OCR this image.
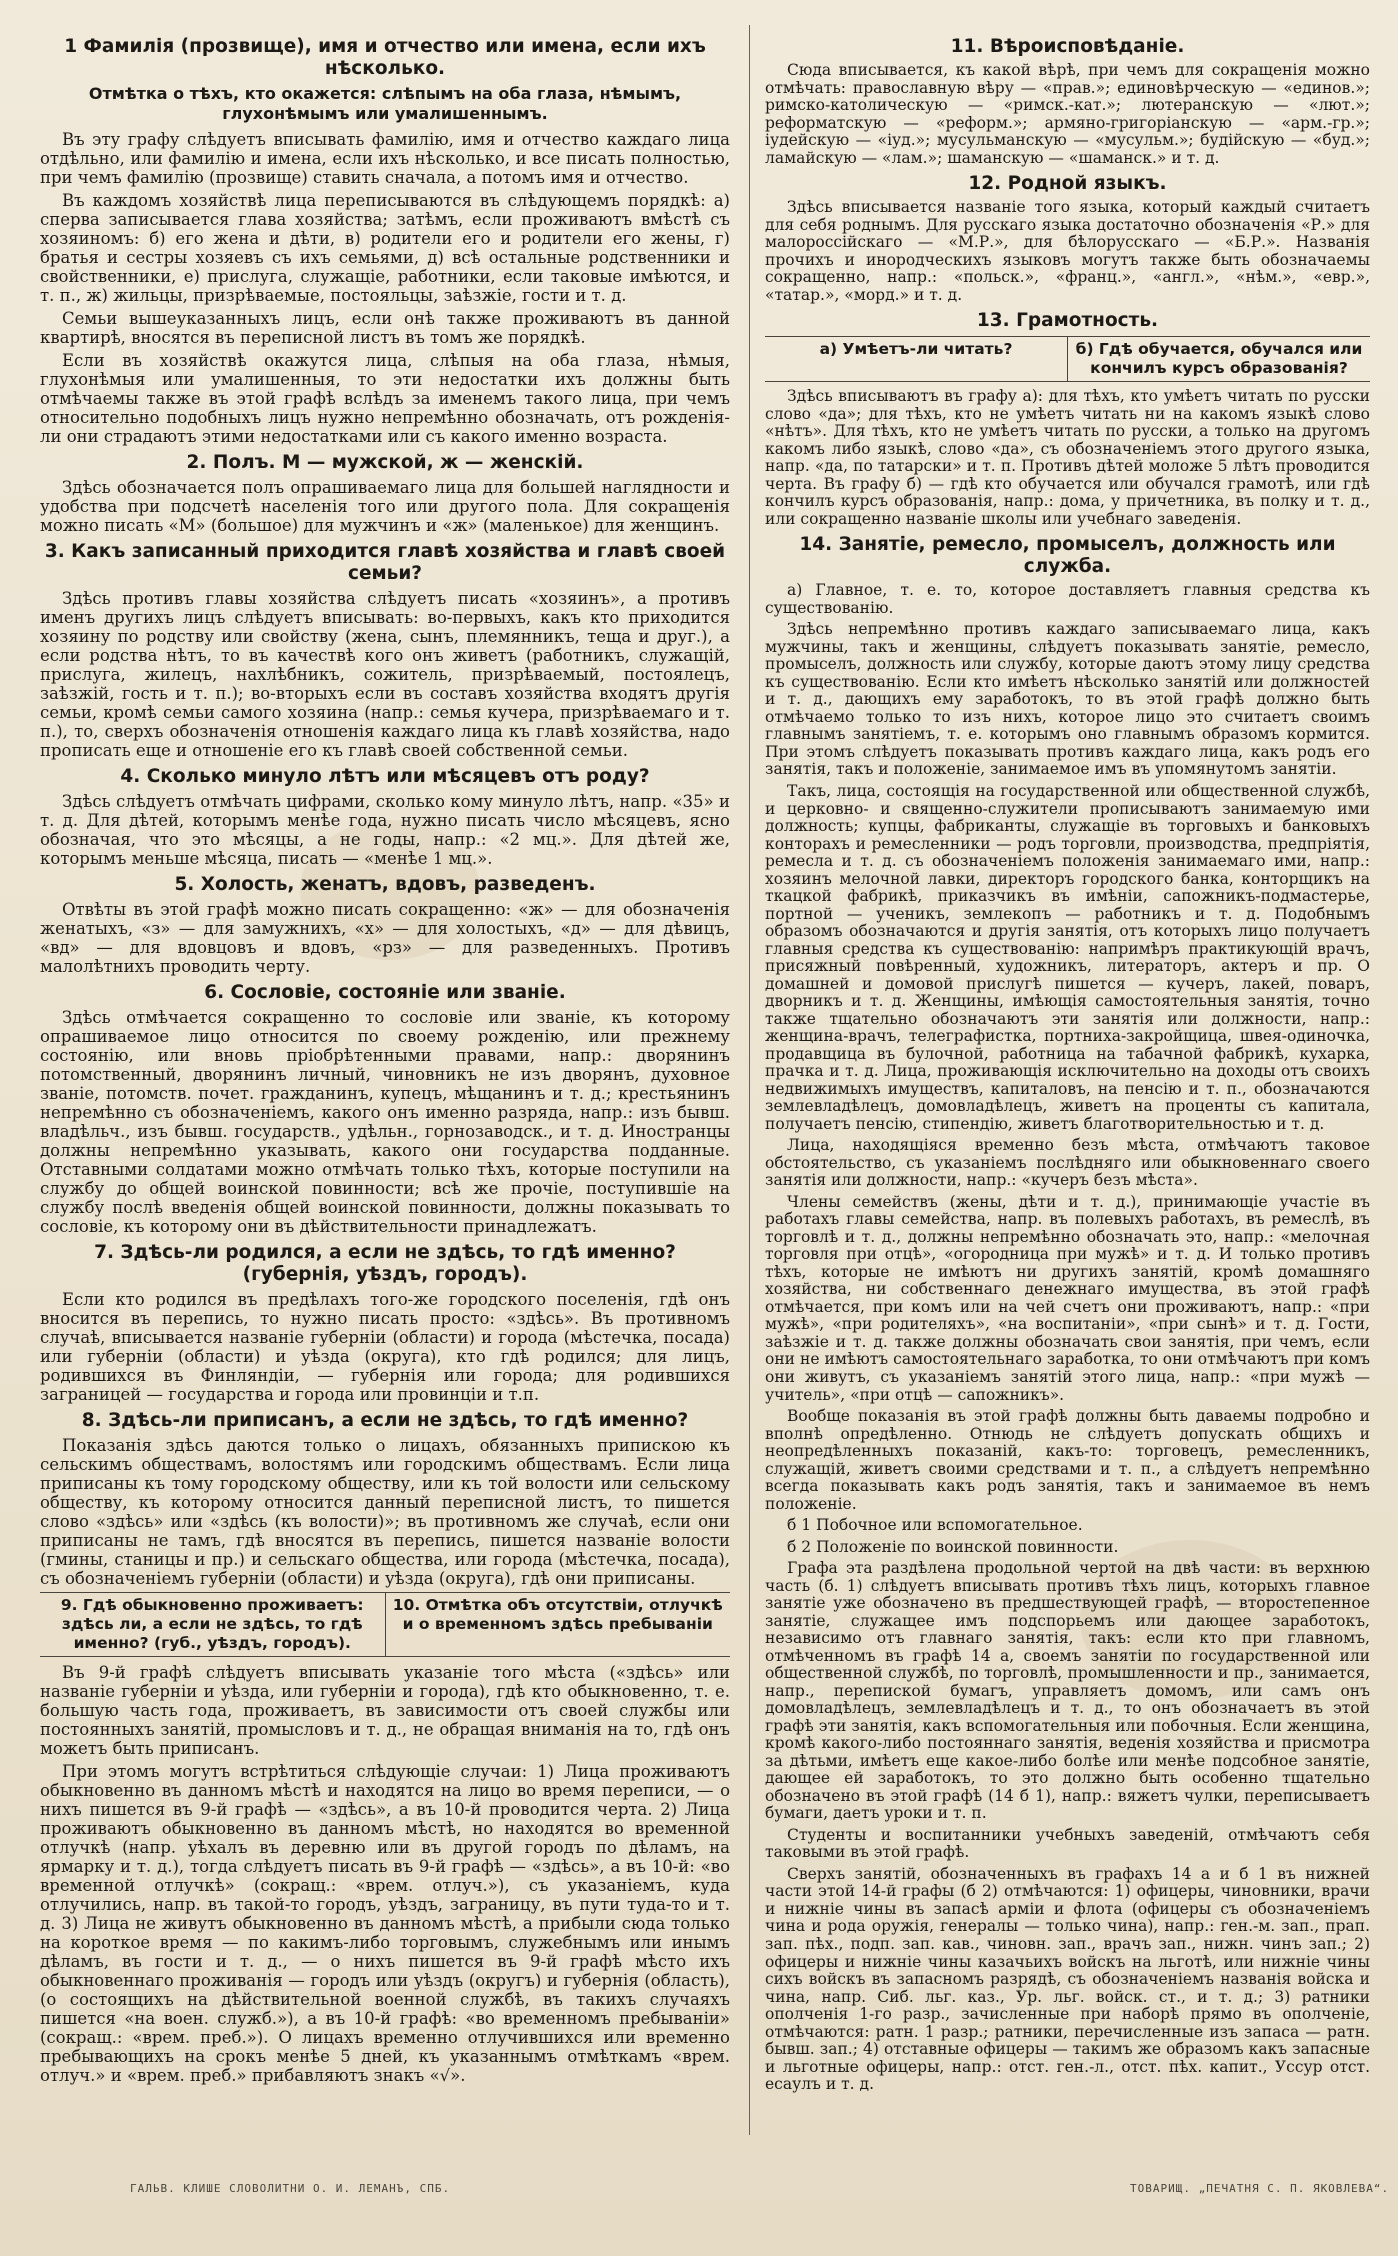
1 Фамилія (прозвище), имя и отчество или имена, если ихъ нѣсколько.
Отмѣтка о тѣхъ, кто окажется: слѣпымъ на оба глаза, нѣмымъ, глухонѣмымъ или умалишеннымъ.

Въ эту графу слѣдуетъ вписывать фамилію, имя и отчество каждаго лица отдѣльно, или фамилію и имена, если ихъ нѣсколько, и все писать полностью, при чемъ фамилію (прозвище) ставить сначала, а потомъ имя и отчество.

Въ каждомъ хозяйствѣ лица переписываются въ слѣдующемъ порядкѣ: а) сперва записывается глава хозяйства; затѣмъ, если проживаютъ вмѣстѣ съ хозяиномъ: б) его жена и дѣти, в) родители его и родители его жены, г) братья и сестры хозяевъ съ ихъ семьями, д) всѣ остальные родственники и свойственники, е) прислуга, служащіе, работники, если таковые имѣются, и т. п., ж) жильцы, призрѣваемые, постояльцы, заѣзжіе, гости и т. д.

Семьи вышеуказанныхъ лицъ, если онѣ также проживаютъ въ данной квартирѣ, вносятся въ переписной листъ въ томъ же порядкѣ.

Если въ хозяйствѣ окажутся лица, слѣпыя на оба глаза, нѣмыя, глухонѣмыя или умалишенныя, то эти недостатки ихъ должны быть отмѣчаемы также въ этой графѣ вслѣдъ за именемъ такого лица, при чемъ относительно подобныхъ лицъ нужно непремѣнно обозначать, отъ рожденія-ли они страдаютъ этими недостатками или съ какого именно возраста.

2. Полъ. М — мужской, ж — женскій.

Здѣсь обозначается полъ опрашиваемаго лица для большей наглядности и удобства при подсчетѣ населенія того или другого пола. Для сокращенія можно писать «М» (большое) для мужчинъ и «ж» (маленькое) для женщинъ.

3. Какъ записанный приходится главѣ хозяйства и главѣ своей семьи?

Здѣсь противъ главы хозяйства слѣдуетъ писать «хозяинъ», а противъ именъ другихъ лицъ слѣдуетъ вписывать: во-первыхъ, какъ кто приходится хозяину по родству или свойству (жена, сынъ, племянникъ, теща и друг.), а если родства нѣтъ, то въ качествѣ кого онъ живетъ (работникъ, служащій, прислуга, жилецъ, нахлѣбникъ, сожитель, призрѣваемый, постоялецъ, заѣзжій, гость и т. п.); во-вторыхъ если въ составъ хозяйства входятъ другія семьи, кромѣ семьи самого хозяина (напр.: семья кучера, призрѣваемаго и т. п.), то, сверхъ обозначенія отношенія каждаго лица къ главѣ хозяйства, надо прописать еще и отношеніе его къ главѣ своей собственной семьи.

4. Сколько минуло лѣтъ или мѣсяцевъ отъ роду?

Здѣсь слѣдуетъ отмѣчать цифрами, сколько кому минуло лѣтъ, напр. «35» и т. д. Для дѣтей, которымъ менѣе года, нужно писать число мѣсяцевъ, ясно обозначая, что это мѣсяцы, а не годы, напр.: «2 мц.». Для дѣтей же, которымъ меньше мѣсяца, писать — «менѣе 1 мц.».

5. Холость, женатъ, вдовъ, разведенъ.

Отвѣты въ этой графѣ можно писать сокращенно: «ж» — для обозначенія женатыхъ, «з» — для замужнихъ, «х» — для холостыхъ, «д» — для дѣвицъ, «вд» — для вдовцовъ и вдовъ, «рз» — для разведенныхъ. Противъ малолѣтнихъ проводить черту.

6. Сословіе, состояніе или званіе.

Здѣсь отмѣчается сокращенно то сословіе или званіе, къ которому опрашиваемое лицо относится по своему рожденію, или прежнему состоянію, или вновь пріобрѣтенными правами, напр.: дворянинъ потомственный, дворянинъ личный, чиновникъ не изъ дворянъ, духовное званіе, потомств. почет. гражданинъ, купецъ, мѣщанинъ и т. д.; крестьянинъ непремѣнно съ обозначеніемъ, какого онъ именно разряда, напр.: изъ бывш. владѣльч., изъ бывш. государств., удѣльн., горнозаводск., и т. д. Иностранцы должны непремѣнно указывать, какого они государства подданные. Отставными солдатами можно отмѣчать только тѣхъ, которые поступили на службу до общей воинской повинности; всѣ же прочіе, поступившіе на службу послѣ введенія общей воинской повинности, должны показывать то сословіе, къ которому они въ дѣйствительности принадлежатъ.

7. Здѣсь-ли родился, а если не здѣсь, то гдѣ именно? (губернія, уѣздъ, городъ).

Если кто родился въ предѣлахъ того-же городского поселенія, гдѣ онъ вносится въ перепись, то нужно писать просто: «здѣсь». Въ противномъ случаѣ, вписывается названіе губерніи (области) и города (мѣстечка, посада) или губерніи (области) и уѣзда (округа), кто гдѣ родился; для лицъ, родившихся въ Финляндіи, — губернія или города; для родившихся заграницей — государства и города или провинціи и т.п.

8. Здѣсь-ли приписанъ, а если не здѣсь, то гдѣ именно?

Показанія здѣсь даются только о лицахъ, обязанныхъ припискою къ сельскимъ обществамъ, волостямъ или городскимъ обществамъ. Если лица приписаны къ тому городскому обществу, или къ той волости или сельскому обществу, къ которому относится данный переписной листъ, то пишется слово «здѣсь» или «здѣсь (къ волости)»; въ противномъ же случаѣ, если они приписаны не тамъ, гдѣ вносятся въ перепись, пишется названіе волости (гмины, станицы и пр.) и сельскаго общества, или города (мѣстечка, посада), съ обозначеніемъ губерніи (области) и уѣзда (округа), гдѣ они приписаны.

9. Гдѣ обыкновенно проживаетъ: здѣсь ли, а если не здѣсь, то гдѣ именно? (губ., уѣздъ, городъ).
10. Отмѣтка объ отсутствіи, отлучкѣ и о временномъ здѣсь пребываніи

Въ 9-й графѣ слѣдуетъ вписывать указаніе того мѣста («здѣсь» или названіе губерніи и уѣзда, или губерніи и города), гдѣ кто обыкновенно, т. е. большую часть года, проживаетъ, въ зависимости отъ своей службы или постоянныхъ занятій, промысловъ и т. д., не обращая вниманія на то, гдѣ онъ можетъ быть приписанъ.

При этомъ могутъ встрѣтиться слѣдующіе случаи: 1) Лица проживаютъ обыкновенно въ данномъ мѣстѣ и находятся на лицо во время переписи, — о нихъ пишется въ 9-й графѣ — «здѣсь», а въ 10-й проводится черта. 2) Лица проживаютъ обыкновенно въ данномъ мѣстѣ, но находятся во временной отлучкѣ (напр. уѣхалъ въ деревню или въ другой городъ по дѣламъ, на ярмарку и т. д.), тогда слѣдуетъ писать въ 9-й графѣ — «здѣсь», а въ 10-й: «во временной отлучкѣ» (сокращ.: «врем. отлуч.»), съ указаніемъ, куда отлучились, напр. въ такой-то городъ, уѣздъ, заграницу, въ пути туда-то и т. д. 3) Лица не живутъ обыкновенно въ данномъ мѣстѣ, а прибыли сюда только на короткое время — по какимъ-либо торговымъ, служебнымъ или инымъ дѣламъ, въ гости и т. д., — о нихъ пишется въ 9-й графѣ мѣсто ихъ обыкновеннаго проживанія — городъ или уѣздъ (округъ) и губернія (область), (о состоящихъ на дѣйствительной военной службѣ, въ такихъ случаяхъ пишется «на воен. служб.»), а въ 10-й графѣ: «во временномъ пребываніи» (сокращ.: «врем. преб.»). О лицахъ временно отлучившихся или временно пребывающихъ на срокъ менѣе 5 дней, къ указаннымъ отмѣткамъ «врем. отлуч.» и «врем. преб.» прибавляютъ знакъ «√».

11. Вѣроисповѣданіе.

Сюда вписывается, къ какой вѣрѣ, при чемъ для сокращенія можно отмѣчать: православную вѣру — «прав.»; единовѣрческую — «единов.»; римско-католическую — «римск.-кат.»; лютеранскую — «лют.»; реформатскую — «реформ.»; армяно-григоріанскую — «арм.-гр.»; іудейскую — «іуд.»; мусульманскую — «мусульм.»; будійскую — «буд.»; ламайскую — «лам.»; шаманскую — «шаманск.» и т. д.

12. Родной языкъ.

Здѣсь вписывается названіе того языка, который каждый считаетъ для себя роднымъ. Для русскаго языка достаточно обозначенія «Р.» для малороссійскаго — «М.Р.», для бѣлорусскаго — «Б.Р.». Названія прочихъ и инородческихъ языковъ могутъ также быть обозначаемы сокращенно, напр.: «польск.», «франц.», «англ.», «нѣм.», «евр.», «татар.», «морд.» и т. д.

13. Грамотность.
а) Умѣетъ-ли читать?	б) Гдѣ обучается, обучался или кончилъ курсъ образованія?

Здѣсь вписываютъ въ графу а): для тѣхъ, кто умѣетъ читать по русски слово «да»; для тѣхъ, кто не умѣетъ читать ни на какомъ языкѣ слово «нѣтъ». Для тѣхъ, кто не умѣетъ читать по русски, а только на другомъ какомъ либо языкѣ, слово «да», съ обозначеніемъ этого другого языка, напр. «да, по татарски» и т. п. Противъ дѣтей моложе 5 лѣтъ проводится черта. Въ графу б) — гдѣ кто обучается или обучался грамотѣ, или гдѣ кончилъ курсъ образованія, напр.: дома, у причетника, въ полку и т. д., или сокращенно названіе школы или учебнаго заведенія.

14. Занятіе, ремесло, промыселъ, должность или служба.

а) Главное, т. е. то, которое доставляетъ главныя средства къ существованію.

Здѣсь непремѣнно противъ каждаго записываемаго лица, какъ мужчины, такъ и женщины, слѣдуетъ показывать занятіе, ремесло, промыселъ, должность или службу, которые даютъ этому лицу средства къ существованію. Если кто имѣетъ нѣсколько занятій или должностей и т. д., дающихъ ему заработокъ, то въ этой графѣ должно быть отмѣчаемо только то изъ нихъ, которое лицо это считаетъ своимъ главнымъ занятіемъ, т. е. которымъ оно главнымъ образомъ кормится. При этомъ слѣдуетъ показывать противъ каждаго лица, какъ родъ его занятія, такъ и положеніе, занимаемое имъ въ упомянутомъ занятіи.

Такъ, лица, состоящія на государственной или общественной службѣ, и церковно- и священно-служители прописываютъ занимаемую ими должность; купцы, фабриканты, служащіе въ торговыхъ и банковыхъ конторахъ и ремесленники — родъ торговли, производства, предпріятія, ремесла и т. д. съ обозначеніемъ положенія занимаемаго ими, напр.: хозяинъ мелочной лавки, директоръ городского банка, конторщикъ на ткацкой фабрикѣ, приказчикъ въ имѣніи, сапожникъ-подмастерье, портной — ученикъ, землекопъ — работникъ и т. д. Подобнымъ образомъ обозначаются и другія занятія, отъ которыхъ лицо получаетъ главныя средства къ существованію: напримѣръ практикующій врачъ, присяжный повѣренный, художникъ, литераторъ, актеръ и пр. О домашней и домовой прислугѣ пишется — кучеръ, лакей, поваръ, дворникъ и т. д. Женщины, имѣющія самостоятельныя занятія, точно также тщательно обозначаютъ эти занятія или должности, напр.: женщина-врачъ, телеграфистка, портниха-закройщица, швея-одиночка, продавщица въ булочной, работница на табачной фабрикѣ, кухарка, прачка и т. д. Лица, проживающія исключительно на доходы отъ своихъ недвижимыхъ имуществъ, капиталовъ, на пенсію и т. п., обозначаются землевладѣлецъ, домовладѣлецъ, живетъ на проценты съ капитала, получаетъ пенсію, стипендію, живетъ благотворительностью и т. д.

Лица, находящіяся временно безъ мѣста, отмѣчаютъ таковое обстоятельство, съ указаніемъ послѣдняго или обыкновеннаго своего занятія или должности, напр.: «кучеръ безъ мѣста».

Члены семействъ (жены, дѣти и т. д.), принимающіе участіе въ работахъ главы семейства, напр. въ полевыхъ работахъ, въ ремеслѣ, въ торговлѣ и т. д., должны непремѣнно обозначать это, напр.: «мелочная торговля при отцѣ», «огородница при мужѣ» и т. д. И только противъ тѣхъ, которые не имѣютъ ни другихъ занятій, кромѣ домашняго хозяйства, ни собственнаго денежнаго имущества, въ этой графѣ отмѣчается, при комъ или на чей счетъ они проживаютъ, напр.: «при мужѣ», «при родителяхъ», «на воспитаніи», «при сынѣ» и т. д. Гости, заѣзжіе и т. д. также должны обозначать свои занятія, при чемъ, если они не имѣютъ самостоятельнаго заработка, то они отмѣчаютъ при комъ они живутъ, съ указаніемъ занятій этого лица, напр.: «при мужѣ — учитель», «при отцѣ — сапожникъ».

Вообще показанія въ этой графѣ должны быть даваемы подробно и вполнѣ опредѣленно. Отнюдь не слѣдуетъ допускать общихъ и неопредѣленныхъ показаній, какъ-то: торговецъ, ремесленникъ, служащій, живетъ своими средствами и т. п., а слѣдуетъ непремѣнно всегда показывать какъ родъ занятія, такъ и занимаемое въ немъ положеніе.

б 1 Побочное или вспомогательное.

б 2 Положеніе по воинской повинности.

Графа эта раздѣлена продольной чертой на двѣ части: въ верхнюю часть (б. 1) слѣдуетъ вписывать противъ тѣхъ лицъ, которыхъ главное занятіе уже обозначено въ предшествующей графѣ, — второстепенное занятіе, служащее имъ подспорьемъ или дающее заработокъ, независимо отъ главнаго занятія, такъ: если кто при главномъ, отмѣченномъ въ графѣ 14 а, своемъ занятіи по государственной или общественной службѣ, по торговлѣ, промышленности и пр., занимается, напр., перепиской бумагъ, управляетъ домомъ, или самъ онъ домовладѣлецъ, землевладѣлецъ и т. д., то онъ обозначаетъ въ этой графѣ эти занятія, какъ вспомогательныя или побочныя. Если женщина, кромѣ какого-либо постояннаго занятія, веденія хозяйства и присмотра за дѣтьми, имѣетъ еще какое-либо болѣе или менѣе подсобное занятіе, дающее ей заработокъ, то это должно быть особенно тщательно обозначено въ этой графѣ (14 б 1), напр.: вяжетъ чулки, переписываетъ бумаги, даетъ уроки и т. п.

Студенты и воспитанники учебныхъ заведеній, отмѣчаютъ себя таковыми въ этой графѣ.

Сверхъ занятій, обозначенныхъ въ графахъ 14 а и б 1 въ нижней части этой 14-й графы (б 2) отмѣчаются: 1) офицеры, чиновники, врачи и нижніе чины въ запасѣ арміи и флота (офицеры съ обозначеніемъ чина и рода оружія, генералы — только чина), напр.: ген.-м. зап., прап. зап. пѣх., подп. зап. кав., чиновн. зап., врачъ зап., нижн. чинъ зап.; 2) офицеры и нижніе чины казачьихъ войскъ на льготѣ, или нижніе чины сихъ войскъ въ запасномъ разрядѣ, съ обозначеніемъ названія войска и чина, напр. Сиб. льг. каз., Ур. льг. войск. ст., и т. д.; 3) ратники ополченія 1-го разр., зачисленные при наборѣ прямо въ ополченіе, отмѣчаются: ратн. 1 разр.; ратники, перечисленные изъ запаса — ратн. бывш. зап.; 4) отставные офицеры — такимъ же образомъ какъ запасные и льготные офицеры, напр.: отст. ген.-л., отст. пѣх. капит., Уссур отст. есаулъ и т. д.

ГАЛЬВ. КЛИШЕ СЛОВОЛИТНИ О. И. ЛЕМАНЪ, СПБ.	ТОВАРИЩ. „ПЕЧАТНЯ С. П. ЯКОВЛЕВА“.
